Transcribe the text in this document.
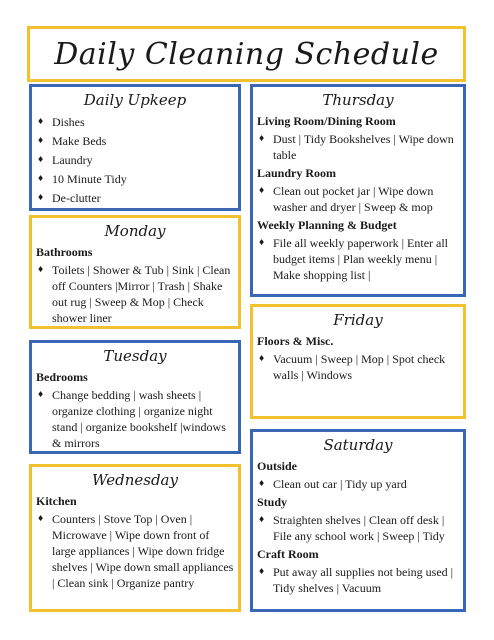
Daily Cleaning Schedule
Daily Upkeep
♦ Dishes
♦ Make Beds
♦ Laundry
♦ 10 Minute Tidy
♦ De-clutter
Monday
Bathrooms
♦ Toilets | Shower & Tub | Sink | Clean off Counters |Mirror | Trash | Shake out rug | Sweep & Mop | Check shower liner
Tuesday
Bedrooms
♦ Change bedding | wash sheets | organize clothing | organize night stand | organize bookshelf |windows & mirrors
Wednesday
Kitchen
♦ Counters | Stove Top | Oven | Microwave | Wipe down front of large appliances | Wipe down fridge shelves | Wipe down small appliances | Clean sink | Organize pantry
Thursday
Living Room/Dining Room
♦ Dust | Tidy Bookshelves | Wipe down table
Laundry Room
♦ Clean out pocket jar | Wipe down washer and dryer | Sweep & mop
Weekly Planning & Budget
♦ File all weekly paperwork | Enter all budget items | Plan weekly menu | Make shopping list |
Friday
Floors & Misc.
♦ Vacuum | Sweep | Mop | Spot check walls | Windows
Saturday
Outside
♦ Clean out car | Tidy up yard
Study
♦ Straighten shelves | Clean off desk | File any school work | Sweep | Tidy
Craft Room
♦ Put away all supplies not being used | Tidy shelves | Vacuum
